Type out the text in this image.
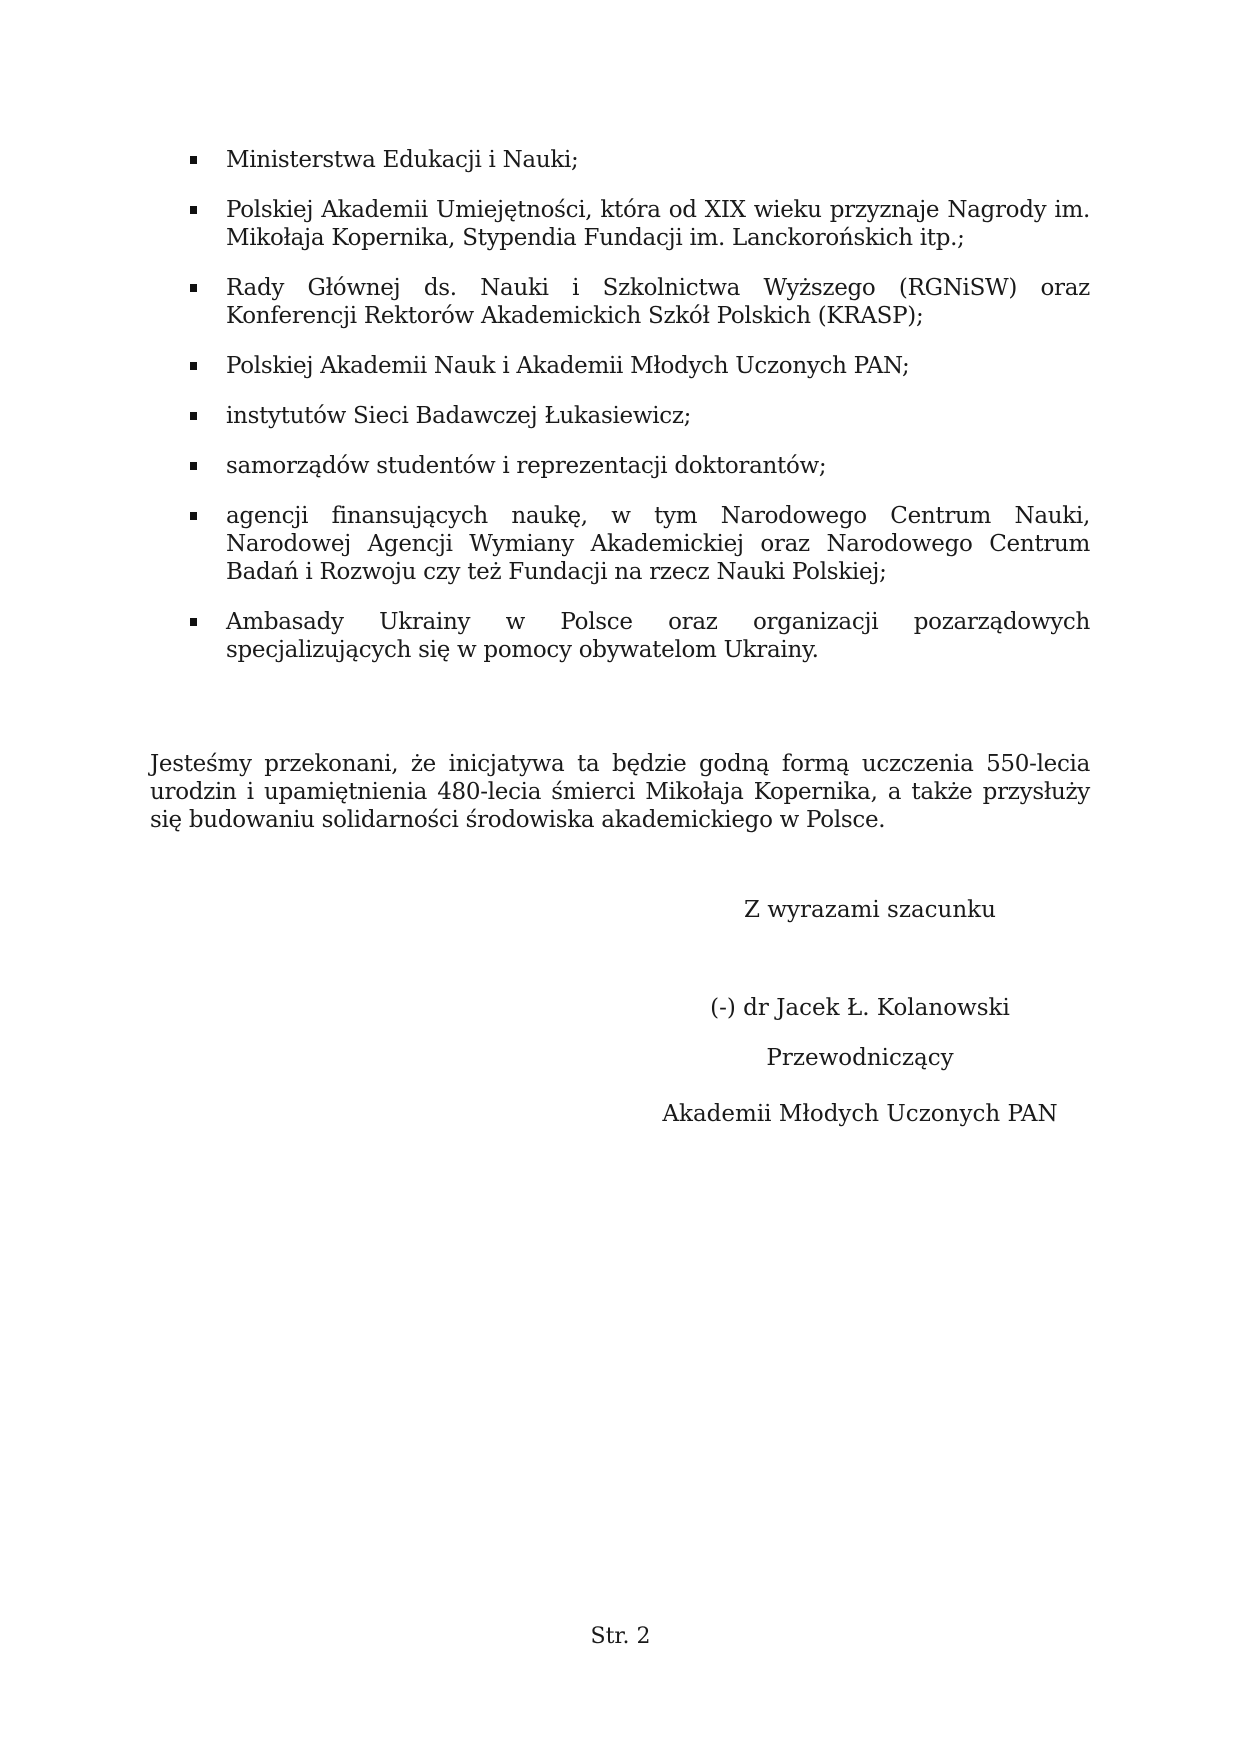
Ministerstwa Edukacji i Nauki;
Polskiej Akademii Umiejętności, która od XIX wieku przyznaje Nagrody im. Mikołaja Kopernika, Stypendia Fundacji im. Lanckorońskich itp.;
Rady Głównej ds. Nauki i Szkolnictwa Wyższego (RGNiSW) oraz Konferencji Rektorów Akademickich Szkół Polskich (KRASP);
Polskiej Akademii Nauk i Akademii Młodych Uczonych PAN;
instytutów Sieci Badawczej Łukasiewicz;
samorządów studentów i reprezentacji doktorantów;
agencji finansujących naukę, w tym Narodowego Centrum Nauki, Narodowej Agencji Wymiany Akademickiej oraz Narodowego Centrum Badań i Rozwoju czy też Fundacji na rzecz Nauki Polskiej;
Ambasady Ukrainy w Polsce oraz organizacji pozarządowych specjalizujących się w pomocy obywatelom Ukrainy.

Jesteśmy przekonani, że inicjatywa ta będzie godną formą uczczenia 550-lecia urodzin i upamiętnienia 480-lecia śmierci Mikołaja Kopernika, a także przysłuży się budowaniu solidarności środowiska akademickiego w Polsce.

Z wyrazami szacunku
(-) dr Jacek Ł. Kolanowski
Przewodniczący
Akademii Młodych Uczonych PAN
Str. 2
